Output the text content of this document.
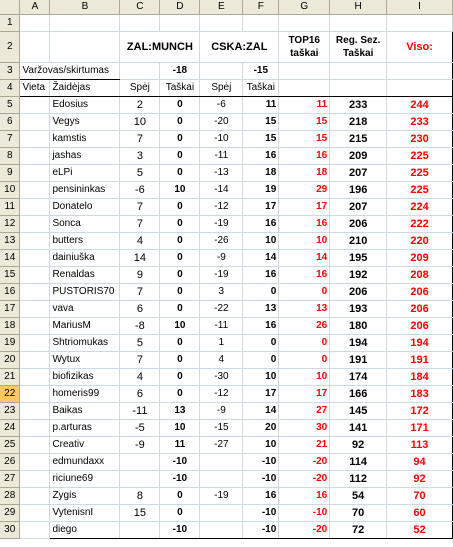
	A	B	C	D	E	F	G	H	I
1									
2			ZAL:MUNCH		CSKA:ZAL		TOP16 taškai	Reg. Sez. Taškai	Viso:
3	Varžovas/skirtumas			-18		-15			
4	Vieta	Žaidėjas	Spėj	Taškai	Spėj	Taškai			
5		Edosius	2	0	-6	11	11	233	244
6		Vegys	10	0	-20	15	15	218	233
7		kamstis	7	0	-10	15	15	215	230
8		jashas	3	0	-11	16	16	209	225
9		eLPi	5	0	-13	18	18	207	225
10		pensininkas	-6	10	-14	19	29	196	225
11		Donatelo	7	0	-12	17	17	207	224
12		Sonca	7	0	-19	16	16	206	222
13		butters	4	0	-26	10	10	210	220
14		dainiuška	14	0	-9	14	14	195	209
15		Renaldas	9	0	-19	16	16	192	208
16		PUSTORIS70	7	0	3	0	0	206	206
17		vava	6	0	-22	13	13	193	206
18		MariusM	-8	10	-11	16	26	180	206
19		Shtriomukas	5	0	1	0	0	194	194
20		Wytux	7	0	4	0	0	191	191
21		biofizikas	4	0	-30	10	10	174	184
22		homeris99	6	0	-12	17	17	166	183
23		Baikas	-11	13	-9	14	27	145	172
24		p.arturas	-5	10	-15	20	30	141	171
25		Creativ	-9	11	-27	10	21	92	113
26		edmundaxx		-10		-10	-20	114	94
27		riciune69		-10		-10	-20	112	92
28		Zygis	8	0	-19	16	16	54	70
29		VytenisnI	15	0		-10	-10	70	60
30		diego		-10		-10	-20	72	52
